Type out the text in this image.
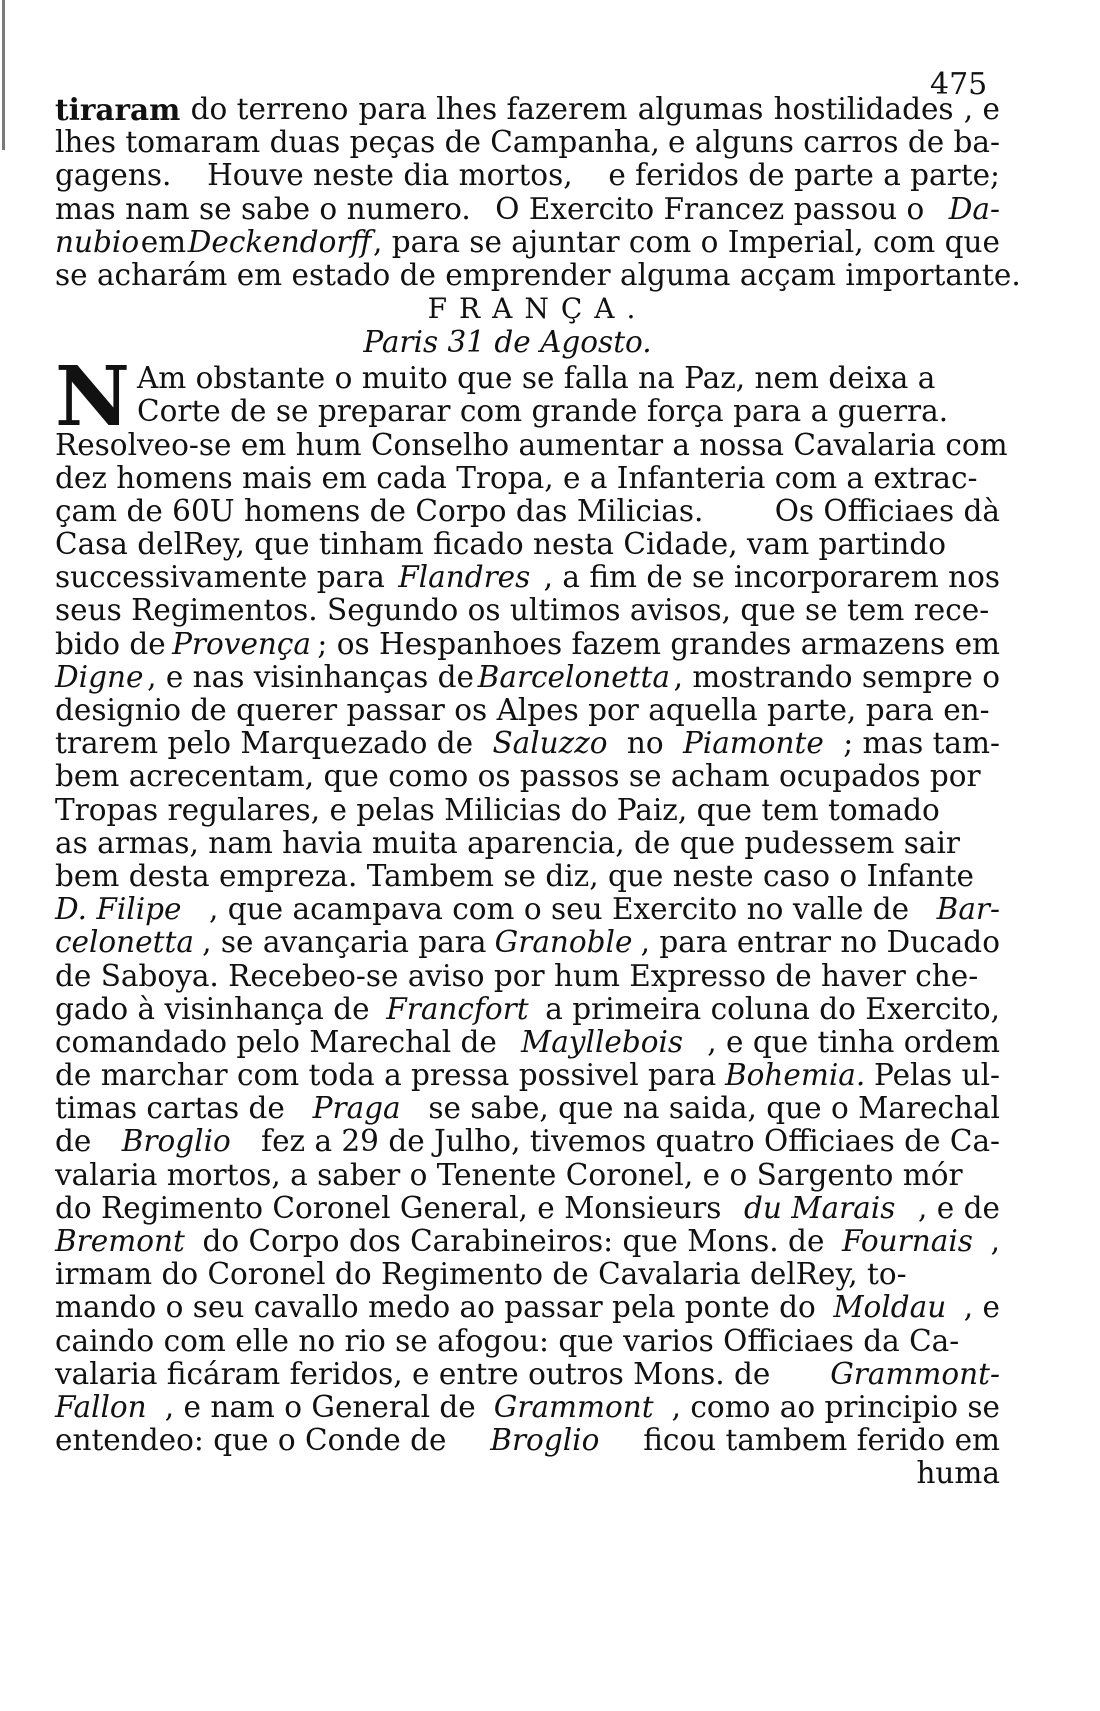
475
tiraram do terreno para lhes fazerem algumas hostilidades , e
lhes tomaram duas peças de Campanha, e alguns carros de ba-
gagens. Houve neste dia mortos, e feridos de parte a parte;
mas nam se sabe o numero. O Exercito Francez passou o Da-
nubio em Deckendorff , para se ajuntar com o Imperial, com que
se acharám em estado de emprender alguma acçam importante.
FRANÇA.
Paris 31 de Agosto.
N Am obstante o muito que se falla na Paz, nem deixa a
Corte de se preparar com grande força para a guerra.
Resolveo-se em hum Conselho aumentar a nossa Cavalaria com
dez homens mais em cada Tropa, e a Infanteria com a extrac-
çam de 60U homens de Corpo das Milicias. Os Officiaes dà
Casa delRey, que tinham ficado nesta Cidade, vam partindo
successivamente para Flandres , a fim de se incorporarem nos
seus Regimentos. Segundo os ultimos avisos, que se tem rece-
bido de Provença ; os Hespanhoes fazem grandes armazens em
Digne , e nas visinhanças de Barcelonetta , mostrando sempre o
designio de querer passar os Alpes por aquella parte, para en-
trarem pelo Marquezado de Saluzzo no Piamonte ; mas tam-
bem acrecentam, que como os passos se acham ocupados por
Tropas regulares, e pelas Milicias do Paiz, que tem tomado
as armas, nam havia muita aparencia, de que pudessem sair
bem desta empreza. Tambem se diz, que neste caso o Infante
D. Filipe , que acampava com o seu Exercito no valle de Bar-
celonetta , se avançaria para Granoble , para entrar no Ducado
de Saboya. Recebeo-se aviso por hum Expresso de haver che-
gado à visinhança de Francfort a primeira coluna do Exercito,
comandado pelo Marechal de Mayllebois , e que tinha ordem
de marchar com toda a pressa possivel para Bohemia. Pelas ul-
timas cartas de Praga se sabe, que na saida, que o Marechal
de Broglio fez a 29 de Julho, tivemos quatro Officiaes de Ca-
valaria mortos, a saber o Tenente Coronel, e o Sargento mór
do Regimento Coronel General, e Monsieurs du Marais , e de
Bremont do Corpo dos Carabineiros: que Mons. de Fournais ,
irmam do Coronel do Regimento de Cavalaria delRey, to-
mando o seu cavallo medo ao passar pela ponte do Moldau , e
caindo com elle no rio se afogou: que varios Officiaes da Ca-
valaria ficáram feridos, e entre outros Mons. de Grammont-
Fallon , e nam o General de Grammont , como ao principio se
entendeo: que o Conde de Broglio ficou tambem ferido em
huma
